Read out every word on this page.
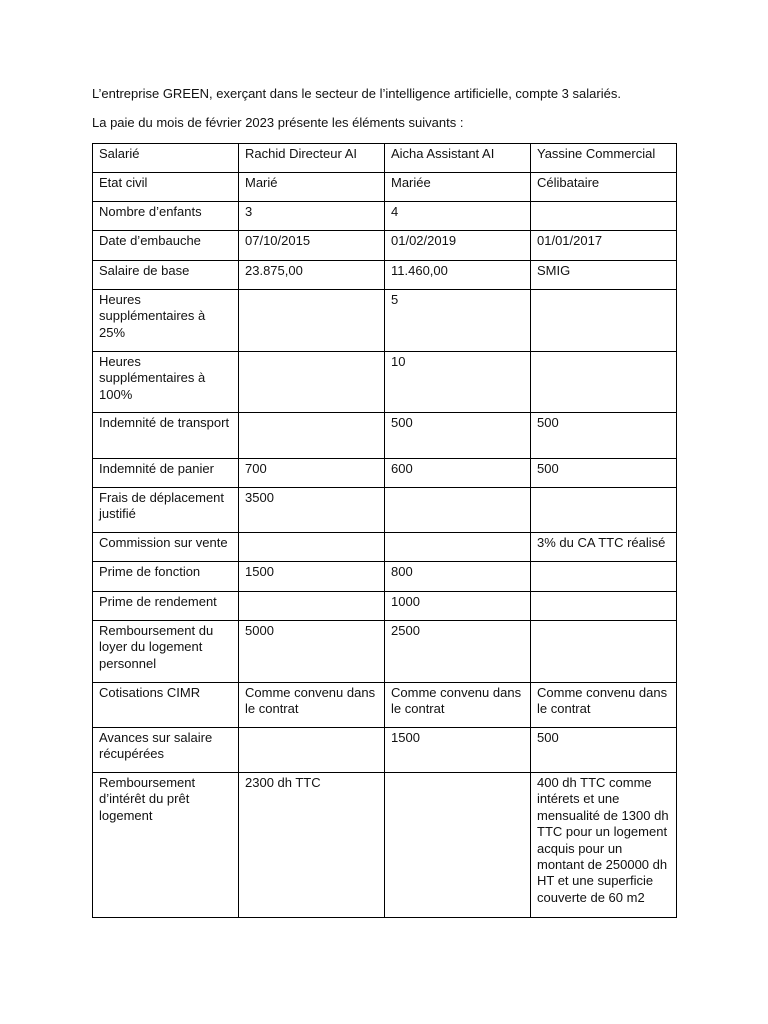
L’entreprise GREEN, exerçant dans le secteur de l’intelligence artificielle, compte 3 salariés.

La paie du mois de février 2023 présente les éléments suivants :

Salarié	Rachid Directeur AI	Aicha Assistant AI	Yassine Commercial
Etat civil	Marié	Mariée	Célibataire
Nombre d’enfants	3	4	
Date d’embauche	07/10/2015	01/02/2019	01/01/2017
Salaire de base	23.875,00	11.460,00	SMIG
Heures supplémentaires à 25%		5	
Heures supplémentaires à 100%		10	
Indemnité de transport		500	500
Indemnité de panier	700	600	500
Frais de déplacement justifié	3500		
Commission sur vente			3% du CA TTC réalisé
Prime de fonction	1500	800	
Prime de rendement		1000	
Remboursement du loyer du logement personnel	5000	2500	
Cotisations CIMR	Comme convenu dans le contrat	Comme convenu dans le contrat	Comme convenu dans le contrat
Avances sur salaire récupérées		1500	500
Remboursement d’intérêt du prêt logement	2300 dh TTC		400 dh TTC comme intérets et une mensualité de 1300 dh TTC pour un logement acquis pour un montant de 250000 dh HT et une superficie couverte de 60 m2
